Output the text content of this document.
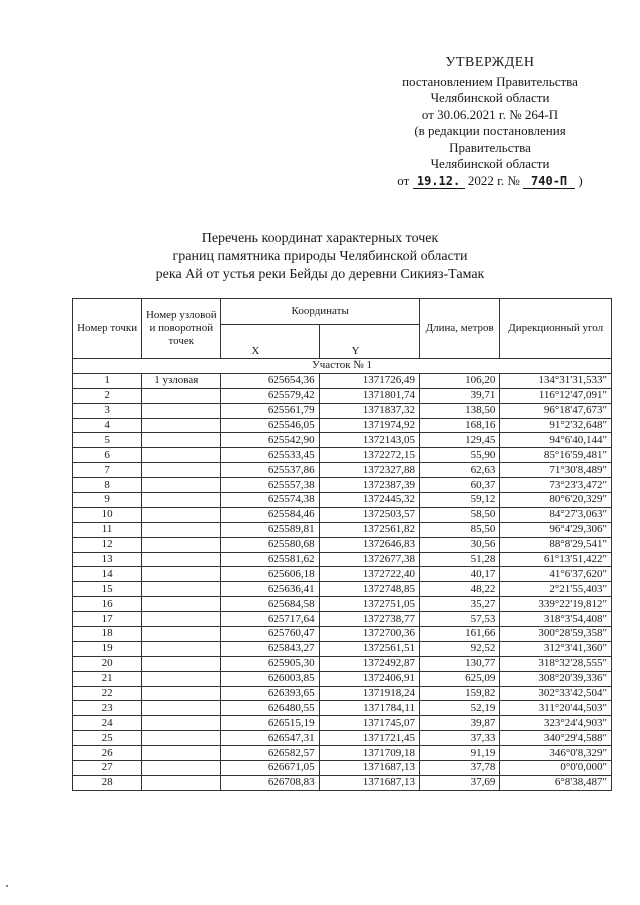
УТВЕРЖДЕН
постановлением Правительства
Челябинской области
от 30.06.2021 г. № 264-П
(в редакции постановления
Правительства
Челябинской области
от 19.12. 2022 г. № 740-П )
Перечень координат характерных точек
границ памятника природы Челябинской области
река Ай от устья реки Бейды до деревни Сикияз-Тамак
Номер точки	Номер узловой и поворотной точек	Координаты		Длина, метров	Дирекционный угол
		X	Y		
Участок № 1					
1	1 узловая	625654,36	1371726,49	106,20	134°31'31,533"
2		625579,42	1371801,74	39,71	116°12'47,091"
3		625561,79	1371837,32	138,50	96°18'47,673"
4		625546,05	1371974,92	168,16	91°2'32,648"
5		625542,90	1372143,05	129,45	94°6'40,144"
6		625533,45	1372272,15	55,90	85°16'59,481"
7		625537,86	1372327,88	62,63	71°30'8,489"
8		625557,38	1372387,39	60,37	73°23'3,472"
9		625574,38	1372445,32	59,12	80°6'20,329"
10		625584,46	1372503,57	58,50	84°27'3,063"
11		625589,81	1372561,82	85,50	96°4'29,306"
12		625580,68	1372646,83	30,56	88°8'29,541"
13		625581,62	1372677,38	51,28	61°13'51,422"
14		625606,18	1372722,40	40,17	41°6'37,620"
15		625636,41	1372748,85	48,22	2°21'55,403"
16		625684,58	1372751,05	35,27	339°22'19,812"
17		625717,64	1372738,77	57,53	318°3'54,408"
18		625760,47	1372700,36	161,66	300°28'59,358"
19		625843,27	1372561,51	92,52	312°3'41,360"
20		625905,30	1372492,87	130,77	318°32'28,555"
21		626003,85	1372406,91	625,09	308°20'39,336"
22		626393,65	1371918,24	159,82	302°33'42,504"
23		626480,55	1371784,11	52,19	311°20'44,503"
24		626515,19	1371745,07	39,87	323°24'4,903"
25		626547,31	1371721,45	37,33	340°29'4,588"
26		626582,57	1371709,18	91,19	346°0'8,329"
27		626671,05	1371687,13	37,78	0°0'0,000"
28		626708,83	1371687,13	37,69	6°8'38,487"
